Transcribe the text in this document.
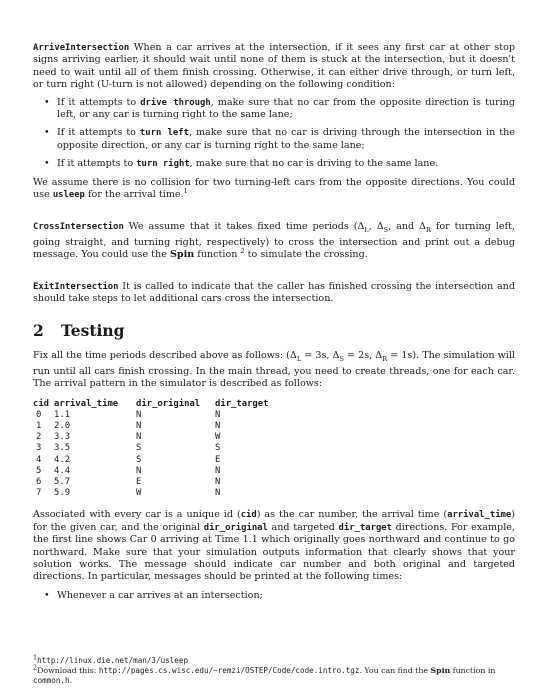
ArriveIntersection When a car arrives at the intersection, if it sees any first car at other stop signs arriving earlier, it should wait until none of them is stuck at the intersection, but it doesn't need to wait until all of them finish crossing. Otherwise, it can either drive through, or turn left, or turn right (U-turn is not allowed) depending on the following condition:

• If it attempts to drive through, make sure that no car from the opposite direction is turing left, or any car is turning right to the same lane;
• If it attempts to turn left, make sure that no car is driving through the intersection in the opposite direction, or any car is turning right to the same lane;
• If it attempts to turn right, make sure that no car is driving to the same lane.

We assume there is no collision for two turning-left cars from the opposite directions. You could use usleep for the arrival time.$^1$

CrossIntersection We assume that it takes fixed time periods ($\Delta_L$, $\Delta_S$, and $\Delta_R$ for turning left, going straight, and turning right, respectively) to cross the intersection and print out a debug message. You could use the Spin function $^2$ to simulate the crossing.

ExitIntersection It is called to indicate that the caller has finished crossing the intersection and should take steps to let additional cars cross the intersection.

2 Testing

Fix all the time periods described above as follows: ($\Delta_L = 3s$, $\Delta_S = 2s$, $\Delta_R = 1s$). The simulation will run until all cars finish crossing. In the main thread, you need to create threads, one for each car. The arrival pattern in the simulator is described as follows:

cid	arrival_time	dir_original	dir_target
0	1.1	N	N
1	2.0	N	N
2	3.3	N	W
3	3.5	S	S
4	4.2	S	E
5	4.4	N	N
6	5.7	E	N
7	5.9	W	N

Associated with every car is a unique id (cid) as the car number, the arrival time (arrival_time) for the given car, and the original dir_original and targeted dir_target directions. For example, the first line shows Car 0 arriving at Time 1.1 which originally goes northward and continue to go northward. Make sure that your simulation outputs information that clearly shows that your solution works. The message should indicate car number and both original and targeted directions. In particular, messages should be printed at the following times:

• Whenever a car arrives at an intersection;
$^1$http://linux.die.net/man/3/usleep
$^2$Download this: http://pages.cs.wisc.edu/~remzi/OSTEP/Code/code.intro.tgz. You can find the Spin function in common.h.
